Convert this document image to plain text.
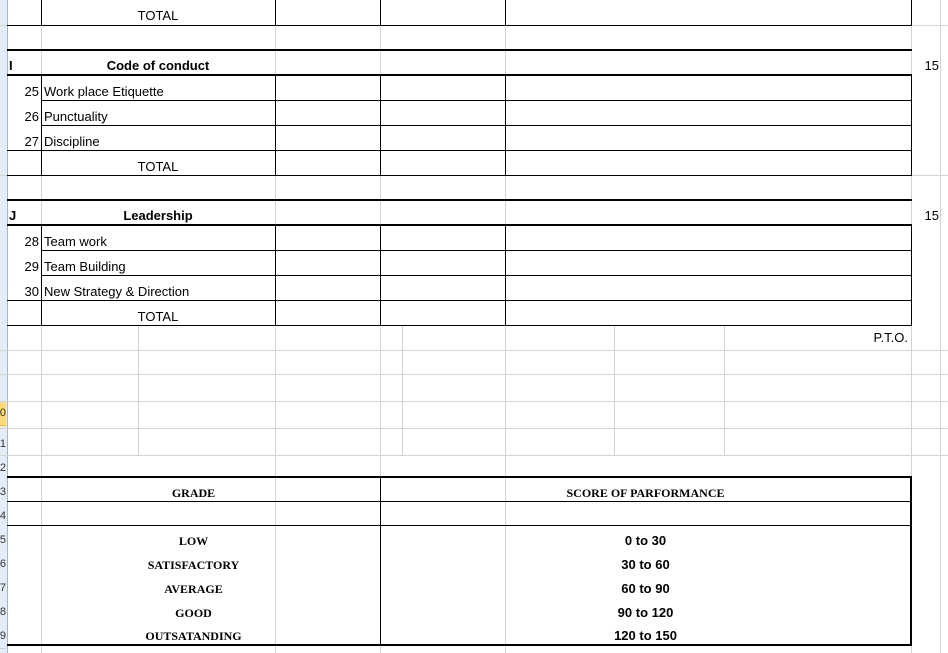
0
1
2
3
4
5
6
7
8
9
TOTAL
I	Code of conduct	15
25 Work place Etiquette
26 Punctuality
27 Discipline
TOTAL
J	Leadership	15
28 Team work
29 Team Building
30 New Strategy & Direction
TOTAL
P.T.O.
GRADE	SCORE OF PARFORMANCE
LOW	0 to 30
SATISFACTORY	30 to 60
AVERAGE	60 to 90
GOOD	90 to 120
OUTSATANDING	120 to 150
